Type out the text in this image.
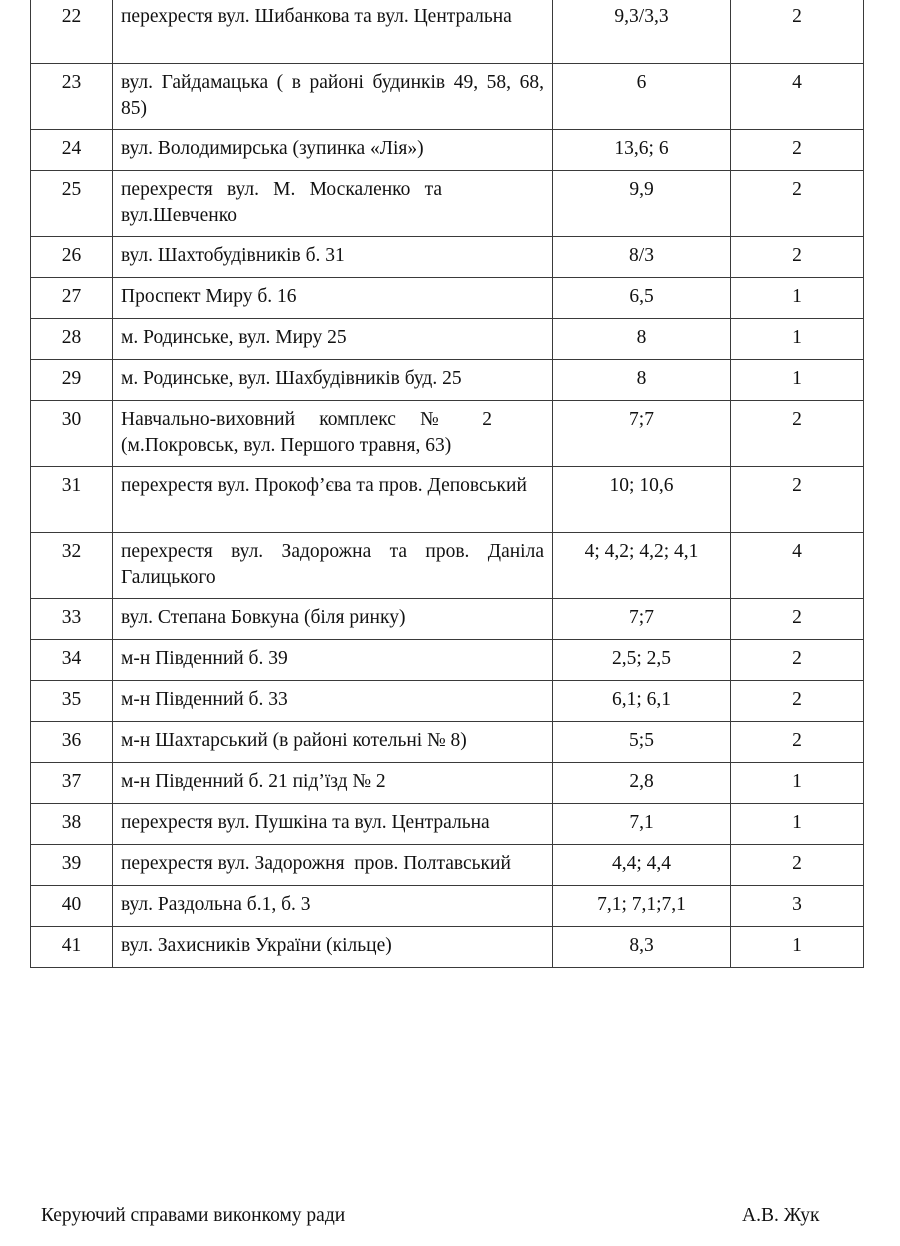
22	перехрестя вул. Шибанкова та вул. Центральна	9,3/3,3	2
23	вул. Гайдамацька ( в районі будинків 49, 58, 68, 85)	6	4
24	вул. Володимирська (зупинка «Лія»)	13,6; 6	2
25	перехрестя вул. М. Москаленко та вул.Шевченко	9,9	2
26	вул. Шахтобудівників б. 31	8/3	2
27	Проспект Миру б. 16	6,5	1
28	м. Родинське, вул. Миру 25	8	1
29	м. Родинське, вул. Шахбудівників буд. 25	8	1
30	Навчально-виховний комплекс № 2 (м.Покровськ, вул. Першого травня, 63)	7;7	2
31	перехрестя вул. Прокоф’єва та пров. Деповський	10; 10,6	2
32	перехрестя вул. Задорожна та пров. Даніла Галицького	4; 4,2; 4,2; 4,1	4
33	вул. Степана Бовкуна (біля ринку)	7;7	2
34	м-н Південний б. 39	2,5; 2,5	2
35	м-н Південний б. 33	6,1; 6,1	2
36	м-н Шахтарський (в районі котельні № 8)	5;5	2
37	м-н Південний б. 21 під’їзд № 2	2,8	1
38	перехрестя вул. Пушкіна та вул. Центральна	7,1	1
39	перехрестя вул. Задорожня  пров. Полтавський	4,4; 4,4	2
40	вул. Раздольна б.1, б. 3	7,1; 7,1;7,1	3
41	вул. Захисників України (кільце)	8,3	1
Керуючий справами виконкому ради	А.В. Жук
